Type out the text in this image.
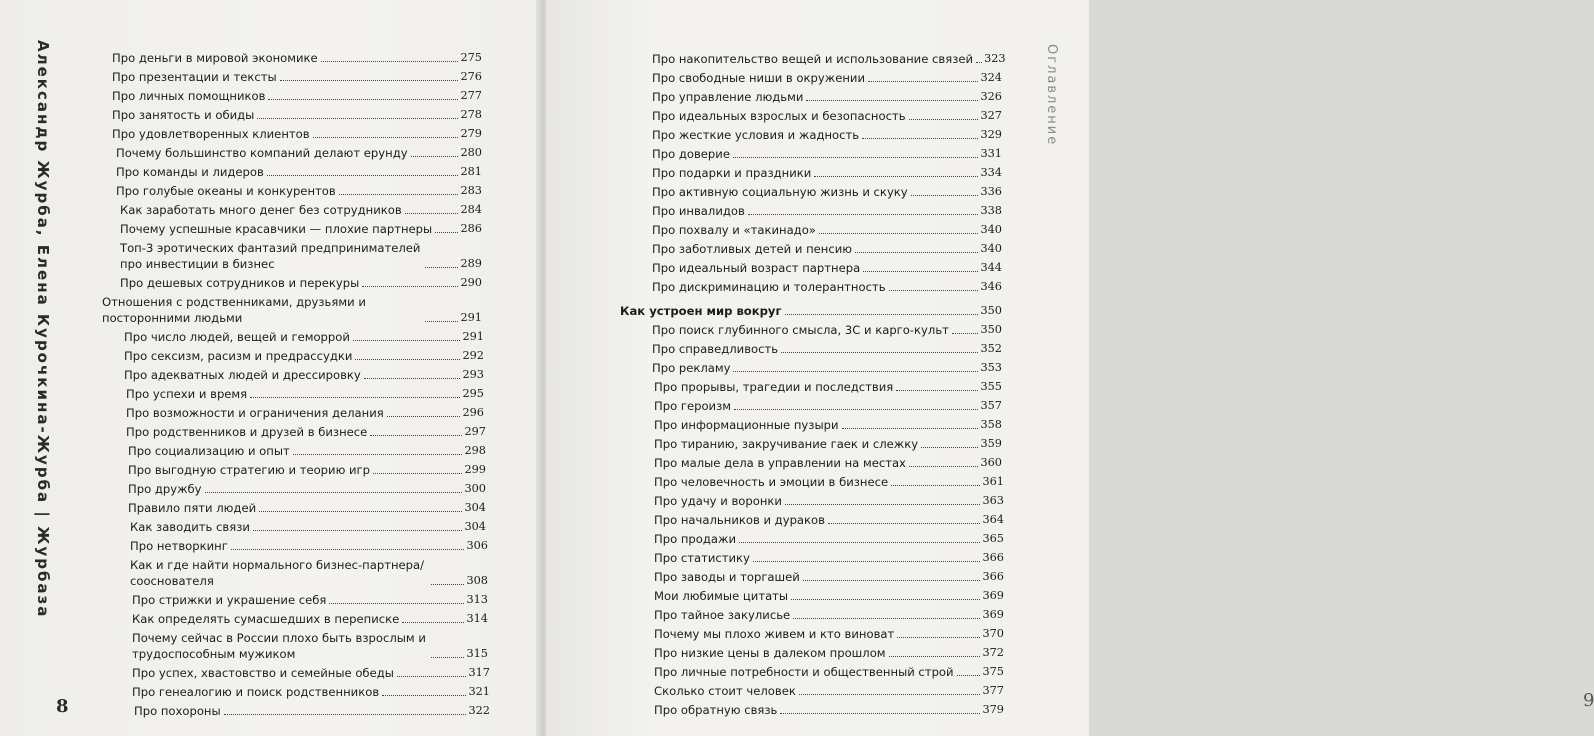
Александр Журба, Елена Курочкина-Журба | Журбаза	Про деньги в мировой экономике	275
Про презентации и тексты	276
Про личных помощников	277
Про занятость и обиды	278
Про удовлетворенных клиентов	279
Почему большинство компаний делают ерунду	280
Про команды и лидеров	281
Про голубые океаны и конкурентов	283
Как заработать много денег без сотрудников	284
Почему успешные красавчики — плохие партнеры	286
Топ-3 эротических фантазий предпринимателей про инвестиции в бизнес	289
Про дешевых сотрудников и перекуры	290
Отношения с родственниками, друзьями и посторонними людьми	291
Про число людей, вещей и геморрой	291
Про сексизм, расизм и предрассудки	292
Про адекватных людей и дрессировку	293
Про успехи и время	295
Про возможности и ограничения делания	296
Про родственников и друзей в бизнесе	297
Про социализацию и опыт	298
Про выгодную стратегию и теорию игр	299
Про дружбу	300
Правило пяти людей	304
Как заводить связи	304
Про нетворкинг	306
Как и где найти нормального бизнес-партнера/ сооснователя	308
Про стрижки и украшение себя	313
Как определять сумасшедших в переписке	314
Почему сейчас в России плохо быть взрослым и трудоспособным мужиком	315
Про успех, хвастовство и семейные обеды	317
Про генеалогию и поиск родственников	321
Про похороны	322
8
Оглавление
9
Про накопительство вещей и использование связей 323
Про свободные ниши в окружении	324
Про управление людьми	326
Про идеальных взрослых и безопасность	327
Про жесткие условия и жадность	329
Про доверие	331
Про подарки и праздники	334
Про активную социальную жизнь и скуку	336
Про инвалидов	338
Про похвалу и «такинадо»	340
Про заботливых детей и пенсию	340
Про идеальный возраст партнера	344
Про дискриминацию и толерантность	346
Как устроен мир вокруг	350
Про поиск глубинного смысла, 3С и карго-культ	350
Про справедливость	352
Про рекламу	353
Про прорывы, трагедии и последствия	355
Про героизм	357
Про информационные пузыри	358
Про тиранию, закручивание гаек и слежку	359
Про малые дела в управлении на местах	360
Про человечность и эмоции в бизнесе	361
Про удачу и воронки	363
Про начальников и дураков	364
Про продажи	365
Про статистику	366
Про заводы и торгашей	366
Мои любимые цитаты	369
Про тайное закулисье	369
Почему мы плохо живем и кто виноват	370
Про низкие цены в далеком прошлом	372
Про личные потребности и общественный строй	375
Сколько стоит человек	377
Про обратную связь	379
